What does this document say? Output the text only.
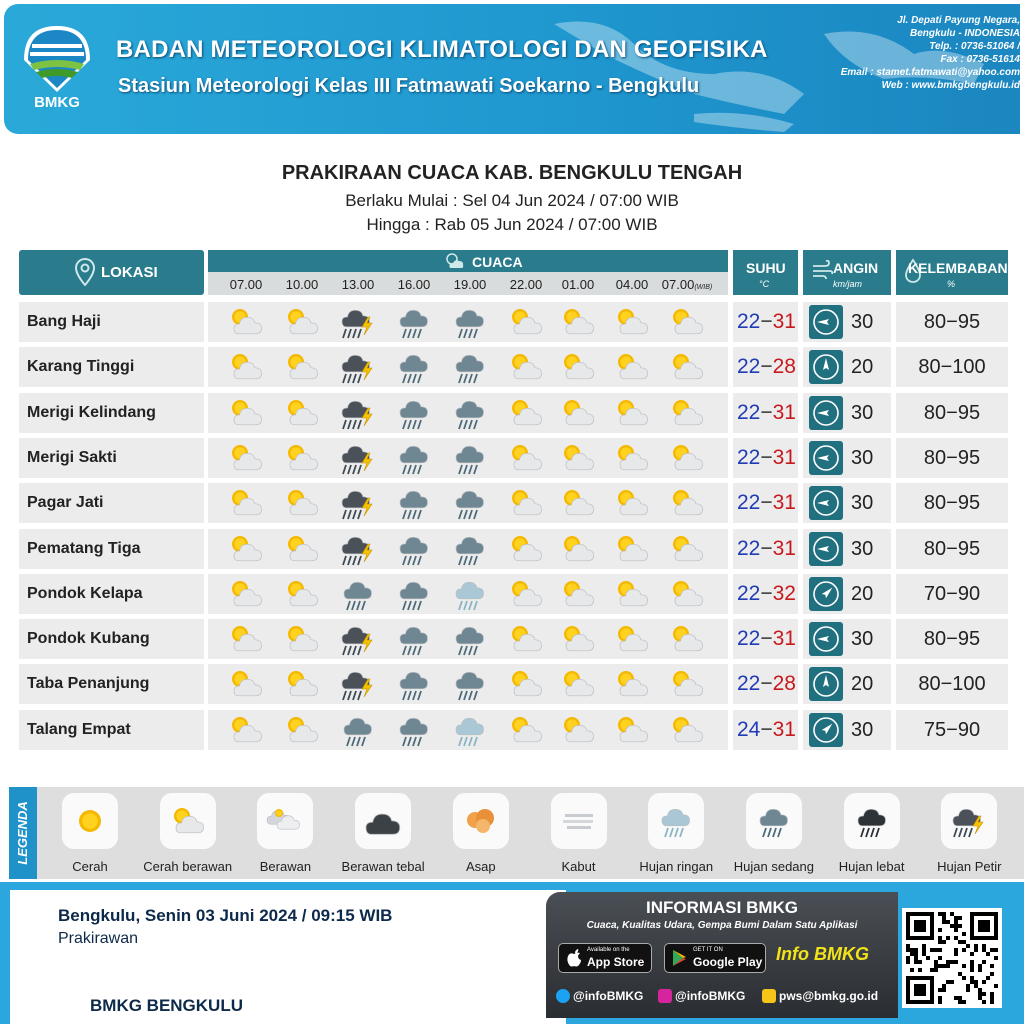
BMKG
BADAN METEOROLOGI KLIMATOLOGI DAN GEOFISIKA
Stasiun Meteorologi Kelas III Fatmawati Soekarno - Bengkulu
Jl. Depati Payung Negara,
Bengkulu - INDONESIA
Telp. : 0736-51064 /
Fax : 0736-51614
Email : stamet.fatmawati@yahoo.com
Web : www.bmkgbengkulu.id
PRAKIRAAN CUACA KAB. BENGKULU TENGAH
Berlaku Mulai : Sel 04 Jun 2024 / 07:00 WIB
Hingga : Rab 05 Jun 2024 / 07:00 WIB
LOKASI
CUACA
07.00	10.00	13.00	16.00	19.00	22.00	01.00	04.00	07.00(WIB)
SUHU
°C
ANGIN
km/jam
KELEMBABAN
%
Bang Haji	22−31	30	80−95
Karang Tinggi	22−28	20	80−100
Merigi Kelindang	22−31	30	80−95
Merigi Sakti	22−31	30	80−95
Pagar Jati	22−31	30	80−95
Pematang Tiga	22−31	30	80−95
Pondok Kelapa	22−32	20	70−90
Pondok Kubang	22−31	30	80−95
Taba Penanjung	22−28	20	80−100
Talang Empat	24−31	30	75−90
LEGENDA
Cerah	Cerah berawan	Berawan	Berawan tebal	Asap	Kabut	Hujan ringan	Hujan sedang	Hujan lebat	Hujan Petir
Bengkulu, Senin 03 Juni 2024 / 09:15 WIB
Prakirawan
BMKG BENGKULU
INFORMASI BMKG
Cuaca, Kualitas Udara, Gempa Bumi Dalam Satu Aplikasi
Available on the
App Store
GET IT ON
Google Play Info BMKG
@infoBMKG	@infoBMKG	pws@bmkg.go.id
